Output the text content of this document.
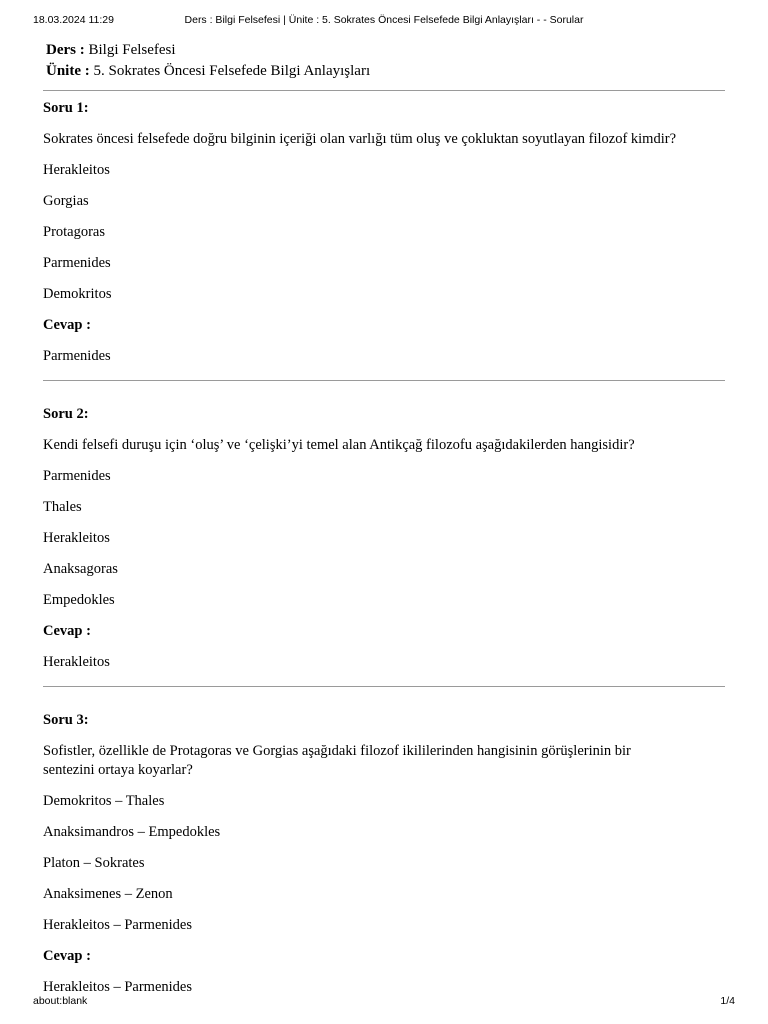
18.03.2024 11:29	Ders : Bilgi Felsefesi | Ünite : 5. Sokrates Öncesi Felsefede Bilgi Anlayışları - - Sorular
Ders : Bilgi Felsefesi
Ünite : 5. Sokrates Öncesi Felsefede Bilgi Anlayışları
Soru 1:
Sokrates öncesi felsefede doğru bilginin içeriği olan varlığı tüm oluş ve çokluktan soyutlayan filozof kimdir?
Herakleitos
Gorgias
Protagoras
Parmenides
Demokritos
Cevap :
Parmenides
Soru 2:
Kendi felsefi duruşu için ‘oluş’ ve ‘çelişki’yi temel alan Antikçağ filozofu aşağıdakilerden hangisidir?
Parmenides
Thales
Herakleitos
Anaksagoras
Empedokles
Cevap :
Herakleitos
Soru 3:
Sofistler, özellikle de Protagoras ve Gorgias aşağıdaki filozof ikililerinden hangisinin görüşlerinin bir sentezini ortaya koyarlar?
Demokritos – Thales
Anaksimandros – Empedokles
Platon – Sokrates
Anaksimenes – Zenon
Herakleitos – Parmenides
Cevap :
Herakleitos – Parmenides
about:blank	1/4
